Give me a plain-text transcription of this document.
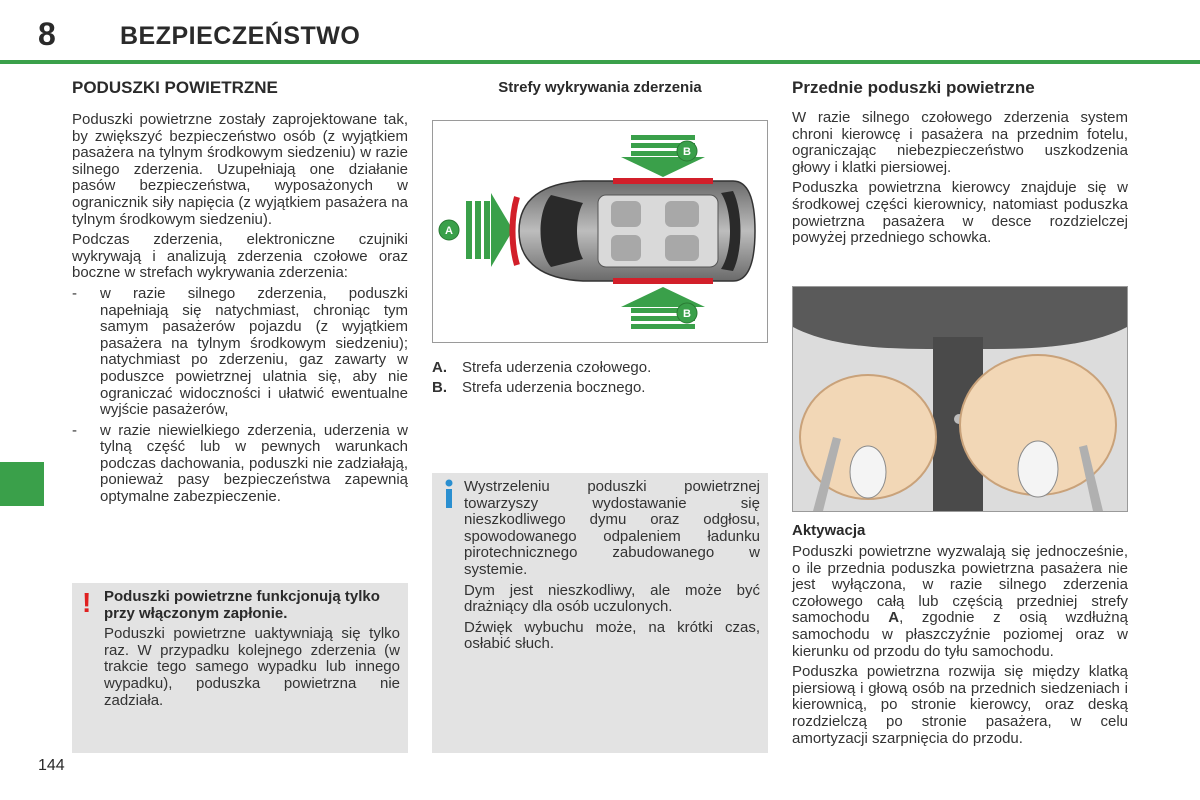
8	BEZPIECZEŃSTWO
PODUSZKI POWIETRZNE

Poduszki powietrzne zostały zaprojektowane tak, by zwiększyć bezpieczeństwo osób (z wyjątkiem pasażera na tylnym środkowym siedzeniu) w razie silnego zderzenia. Uzupełniają one działanie pasów bezpieczeństwa, wyposażonych w ogranicznik siły napięcia (z wyjątkiem pasażera na tylnym środkowym siedzeniu).

Podczas zderzenia, elektroniczne czujniki wykrywają i analizują zderzenia czołowe oraz boczne w strefach wykrywania zderzenia:

- w razie silnego zderzenia, poduszki napełniają się natychmiast, chroniąc tym samym pasażerów pojazdu (z wyjątkiem pasażera na tylnym środkowym siedzeniu); natychmiast po zderzeniu, gaz zawarty w poduszce powietrznej ulatnia się, aby nie ograniczać widoczności i ułatwić ewentualne wyjście pasażerów,
- w razie niewielkiego zderzenia, uderzenia w tylną część lub w pewnych warunkach podczas dachowania, poduszki nie zadziałają, ponieważ pasy bezpieczeństwa zapewnią optymalne zabezpieczenie.
! Poduszki powietrzne funkcjonują tylko przy włączonym zapłonie.

Poduszki powietrzne uaktywniają się tylko raz. W przypadku kolejnego zderzenia (w trakcie tego samego wypadku lub innego wypadku), poduszka powietrzna nie zadziała.

Strefy wykrywania zderzenia
A
B
B
A. Strefa uderzenia czołowego.
B. Strefa uderzenia bocznego.

Wystrzeleniu poduszki powietrznej towarzyszy wydostawanie się nieszkodliwego dymu oraz odgłosu, spowodowanego odpaleniem ładunku pirotechnicznego zabudowanego w systemie.

Dym jest nieszkodliwy, ale może być drażniący dla osób uczulonych.

Dźwięk wybuchu może, na krótki czas, osłabić słuch.

Przednie poduszki powietrzne

W razie silnego czołowego zderzenia system chroni kierowcę i pasażera na przednim fotelu, ograniczając niebezpieczeństwo uszkodzenia głowy i klatki piersiowej.

Poduszka powietrzna kierowcy znajduje się w środkowej części kierownicy, natomiast poduszka powietrzna pasażera w desce rozdzielczej powyżej przedniego schowka.

Aktywacja

Poduszki powietrzne wyzwalają się jednocześnie, o ile przednia poduszka powietrzna pasażera nie jest wyłączona, w razie silnego zderzenia czołowego całą lub częścią przedniej strefy samochodu A, zgodnie z osią wzdłużną samochodu w płaszczyźnie poziomej oraz w kierunku od przodu do tyłu samochodu.

Poduszka powietrzna rozwija się między klatką piersiową i głową osób na przednich siedzeniach i kierownicą, po stronie kierowcy, oraz deską rozdzielczą po stronie pasażera, w celu amortyzacji szarpnięcia do przodu.

144
